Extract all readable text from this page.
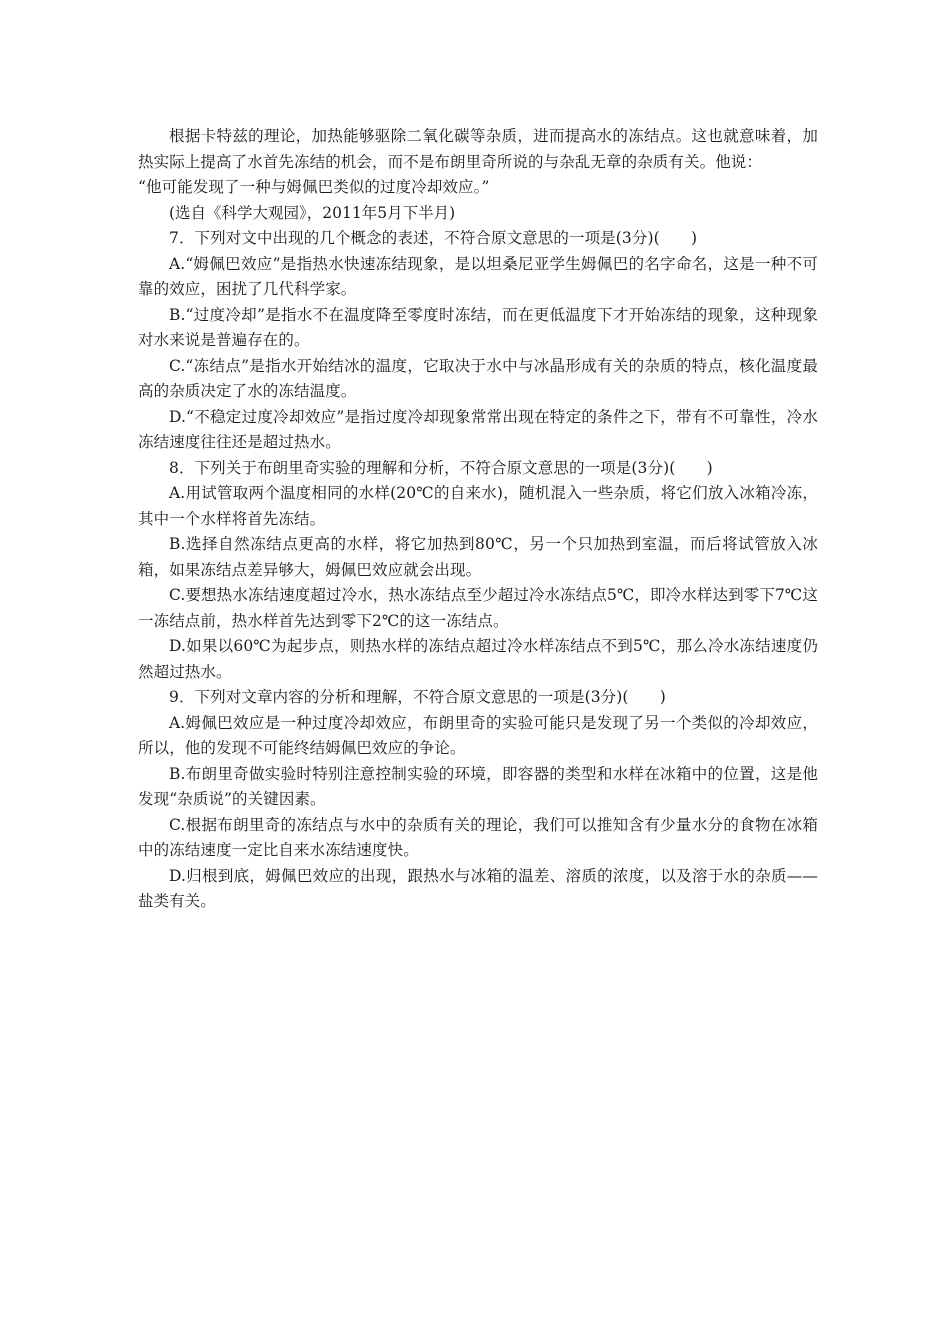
根据卡特兹的理论，加热能够驱除二氧化碳等杂质，进而提高水的冻结点。这也就意味着，加热实际上提高了水首先冻结的机会，而不是布朗里奇所说的与杂乱无章的杂质有关。他说：

“他可能发现了一种与姆佩巴类似的过度冷却效应。”

(选自《科学大观园》，2011年5月下半月)

7．下列对文中出现的几个概念的表述，不符合原文意思的一项是(3分)(　　)

A.“姆佩巴效应”是指热水快速冻结现象，是以坦桑尼亚学生姆佩巴的名字命名，这是一种不可靠的效应，困扰了几代科学家。

B.“过度冷却”是指水不在温度降至零度时冻结，而在更低温度下才开始冻结的现象，这种现象对水来说是普遍存在的。

C.“冻结点”是指水开始结冰的温度，它取决于水中与冰晶形成有关的杂质的特点，核化温度最高的杂质决定了水的冻结温度。

D.“不稳定过度冷却效应”是指过度冷却现象常常出现在特定的条件之下，带有不可靠性，冷水冻结速度往往还是超过热水。

8．下列关于布朗里奇实验的理解和分析，不符合原文意思的一项是(3分)(　　)

A.用试管取两个温度相同的水样(20℃的自来水)，随机混入一些杂质，将它们放入冰箱冷冻，其中一个水样将首先冻结。

B.选择自然冻结点更高的水样，将它加热到80℃，另一个只加热到室温，而后将试管放入冰箱，如果冻结点差异够大，姆佩巴效应就会出现。

C.要想热水冻结速度超过冷水，热水冻结点至少超过冷水冻结点5℃，即冷水样达到零下7℃这一冻结点前，热水样首先达到零下2℃的这一冻结点。

D.如果以60℃为起步点，则热水样的冻结点超过冷水样冻结点不到5℃，那么冷水冻结速度仍然超过热水。

9．下列对文章内容的分析和理解，不符合原文意思的一项是(3分)(　　)

A.姆佩巴效应是一种过度冷却效应，布朗里奇的实验可能只是发现了另一个类似的冷却效应，所以，他的发现不可能终结姆佩巴效应的争论。

B.布朗里奇做实验时特别注意控制实验的环境，即容器的类型和水样在冰箱中的位置，这是他发现“杂质说”的关键因素。

C.根据布朗里奇的冻结点与水中的杂质有关的理论，我们可以推知含有少量水分的食物在冰箱中的冻结速度一定比自来水冻结速度快。

D.归根到底，姆佩巴效应的出现，跟热水与冰箱的温差、溶质的浓度，以及溶于水的杂质——盐类有关。
